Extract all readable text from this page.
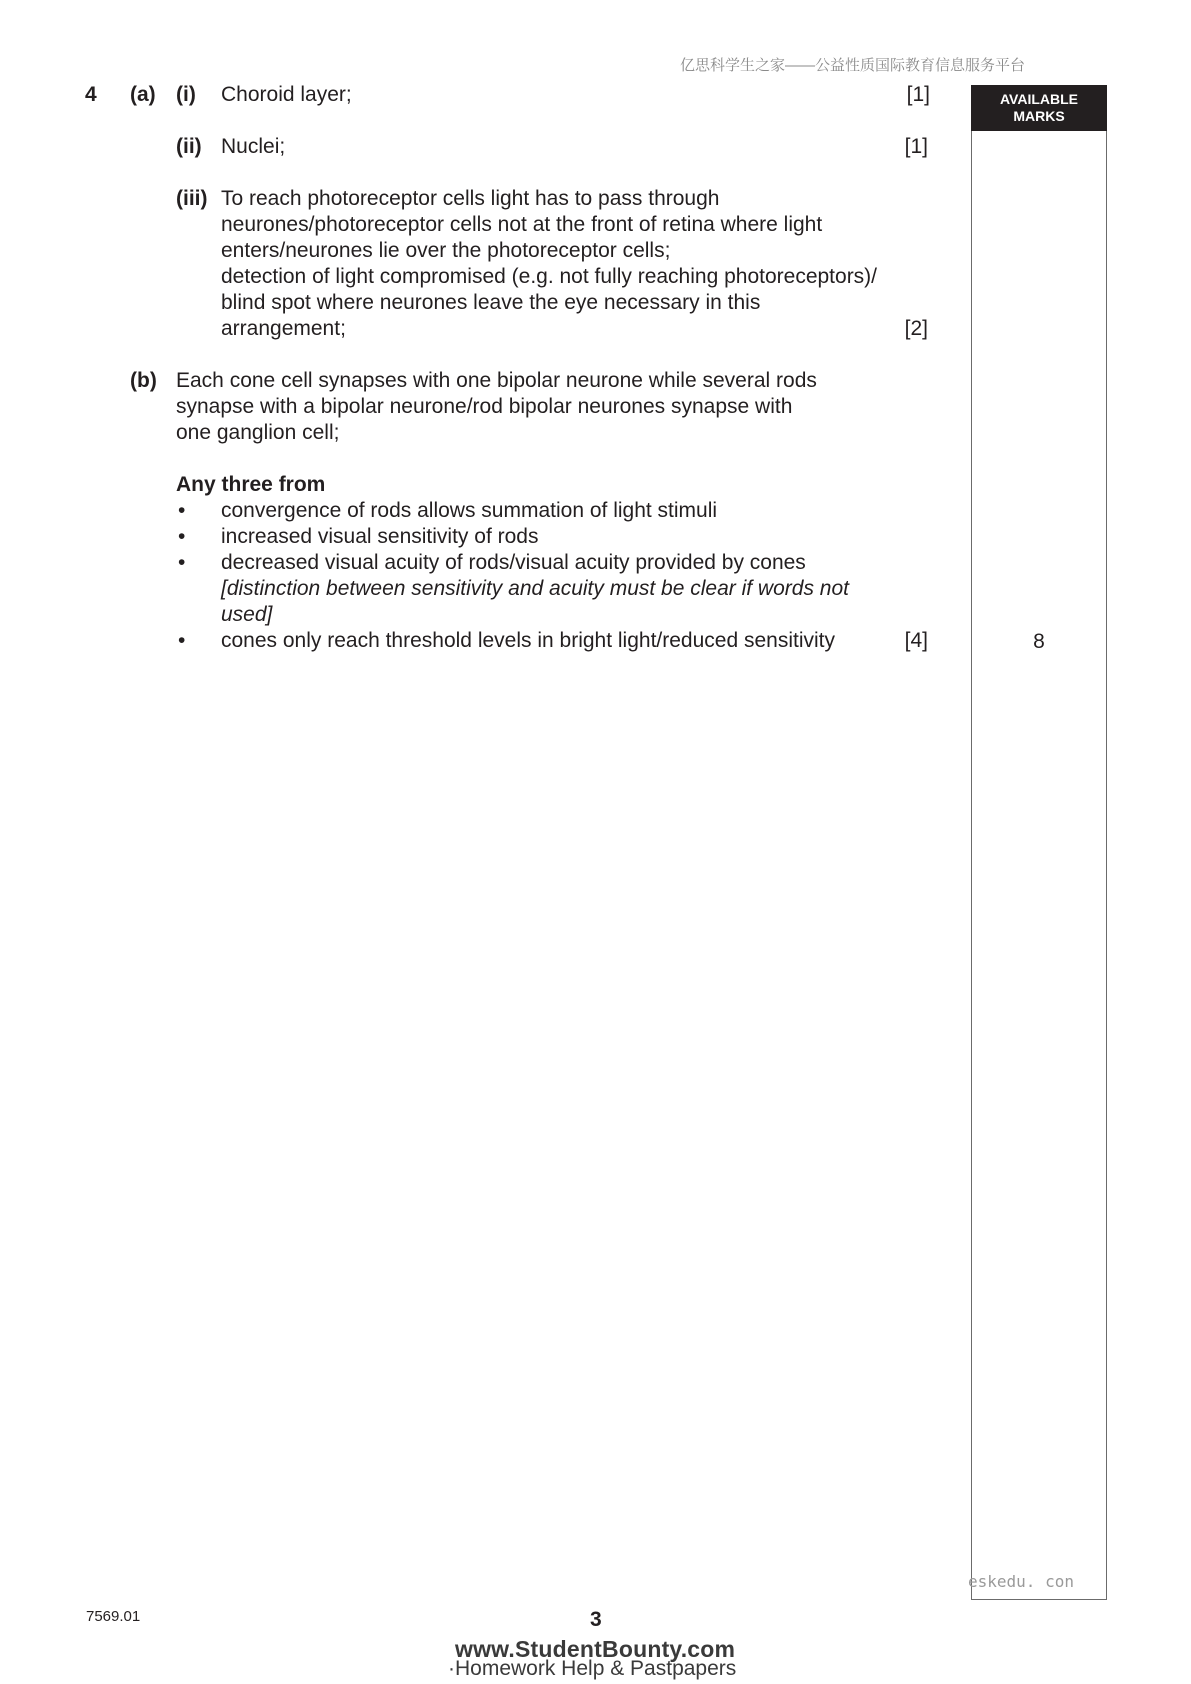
亿思科学生之家——公益性质国际教育信息服务平台
AVAILABLE
MARKS
8
4 (a) (i) Choroid layer;	[1]
(ii) Nuclei;	[1]
(iii) To reach photoreceptor cells light has to pass through
neurones/photoreceptor cells not at the front of retina where light
enters/neurones lie over the photoreceptor cells;
detection of light compromised (e.g. not fully reaching photoreceptors)/
blind spot where neurones leave the eye necessary in this
arrangement;	[2]
(b) Each cone cell synapses with one bipolar neurone while several rods
synapse with a bipolar neurone/rod bipolar neurones synapse with
one ganglion cell;
Any three from
• convergence of rods allows summation of light stimuli
• increased visual sensitivity of rods
• decreased visual acuity of rods/visual acuity provided by cones
[distinction between sensitivity and acuity must be clear if words not
used]
• cones only reach threshold levels in bright light/reduced sensitivity	[4]
eskedu. con
7569.01	3
www.StudentBounty.com
·Homework Help & Pastpapers
